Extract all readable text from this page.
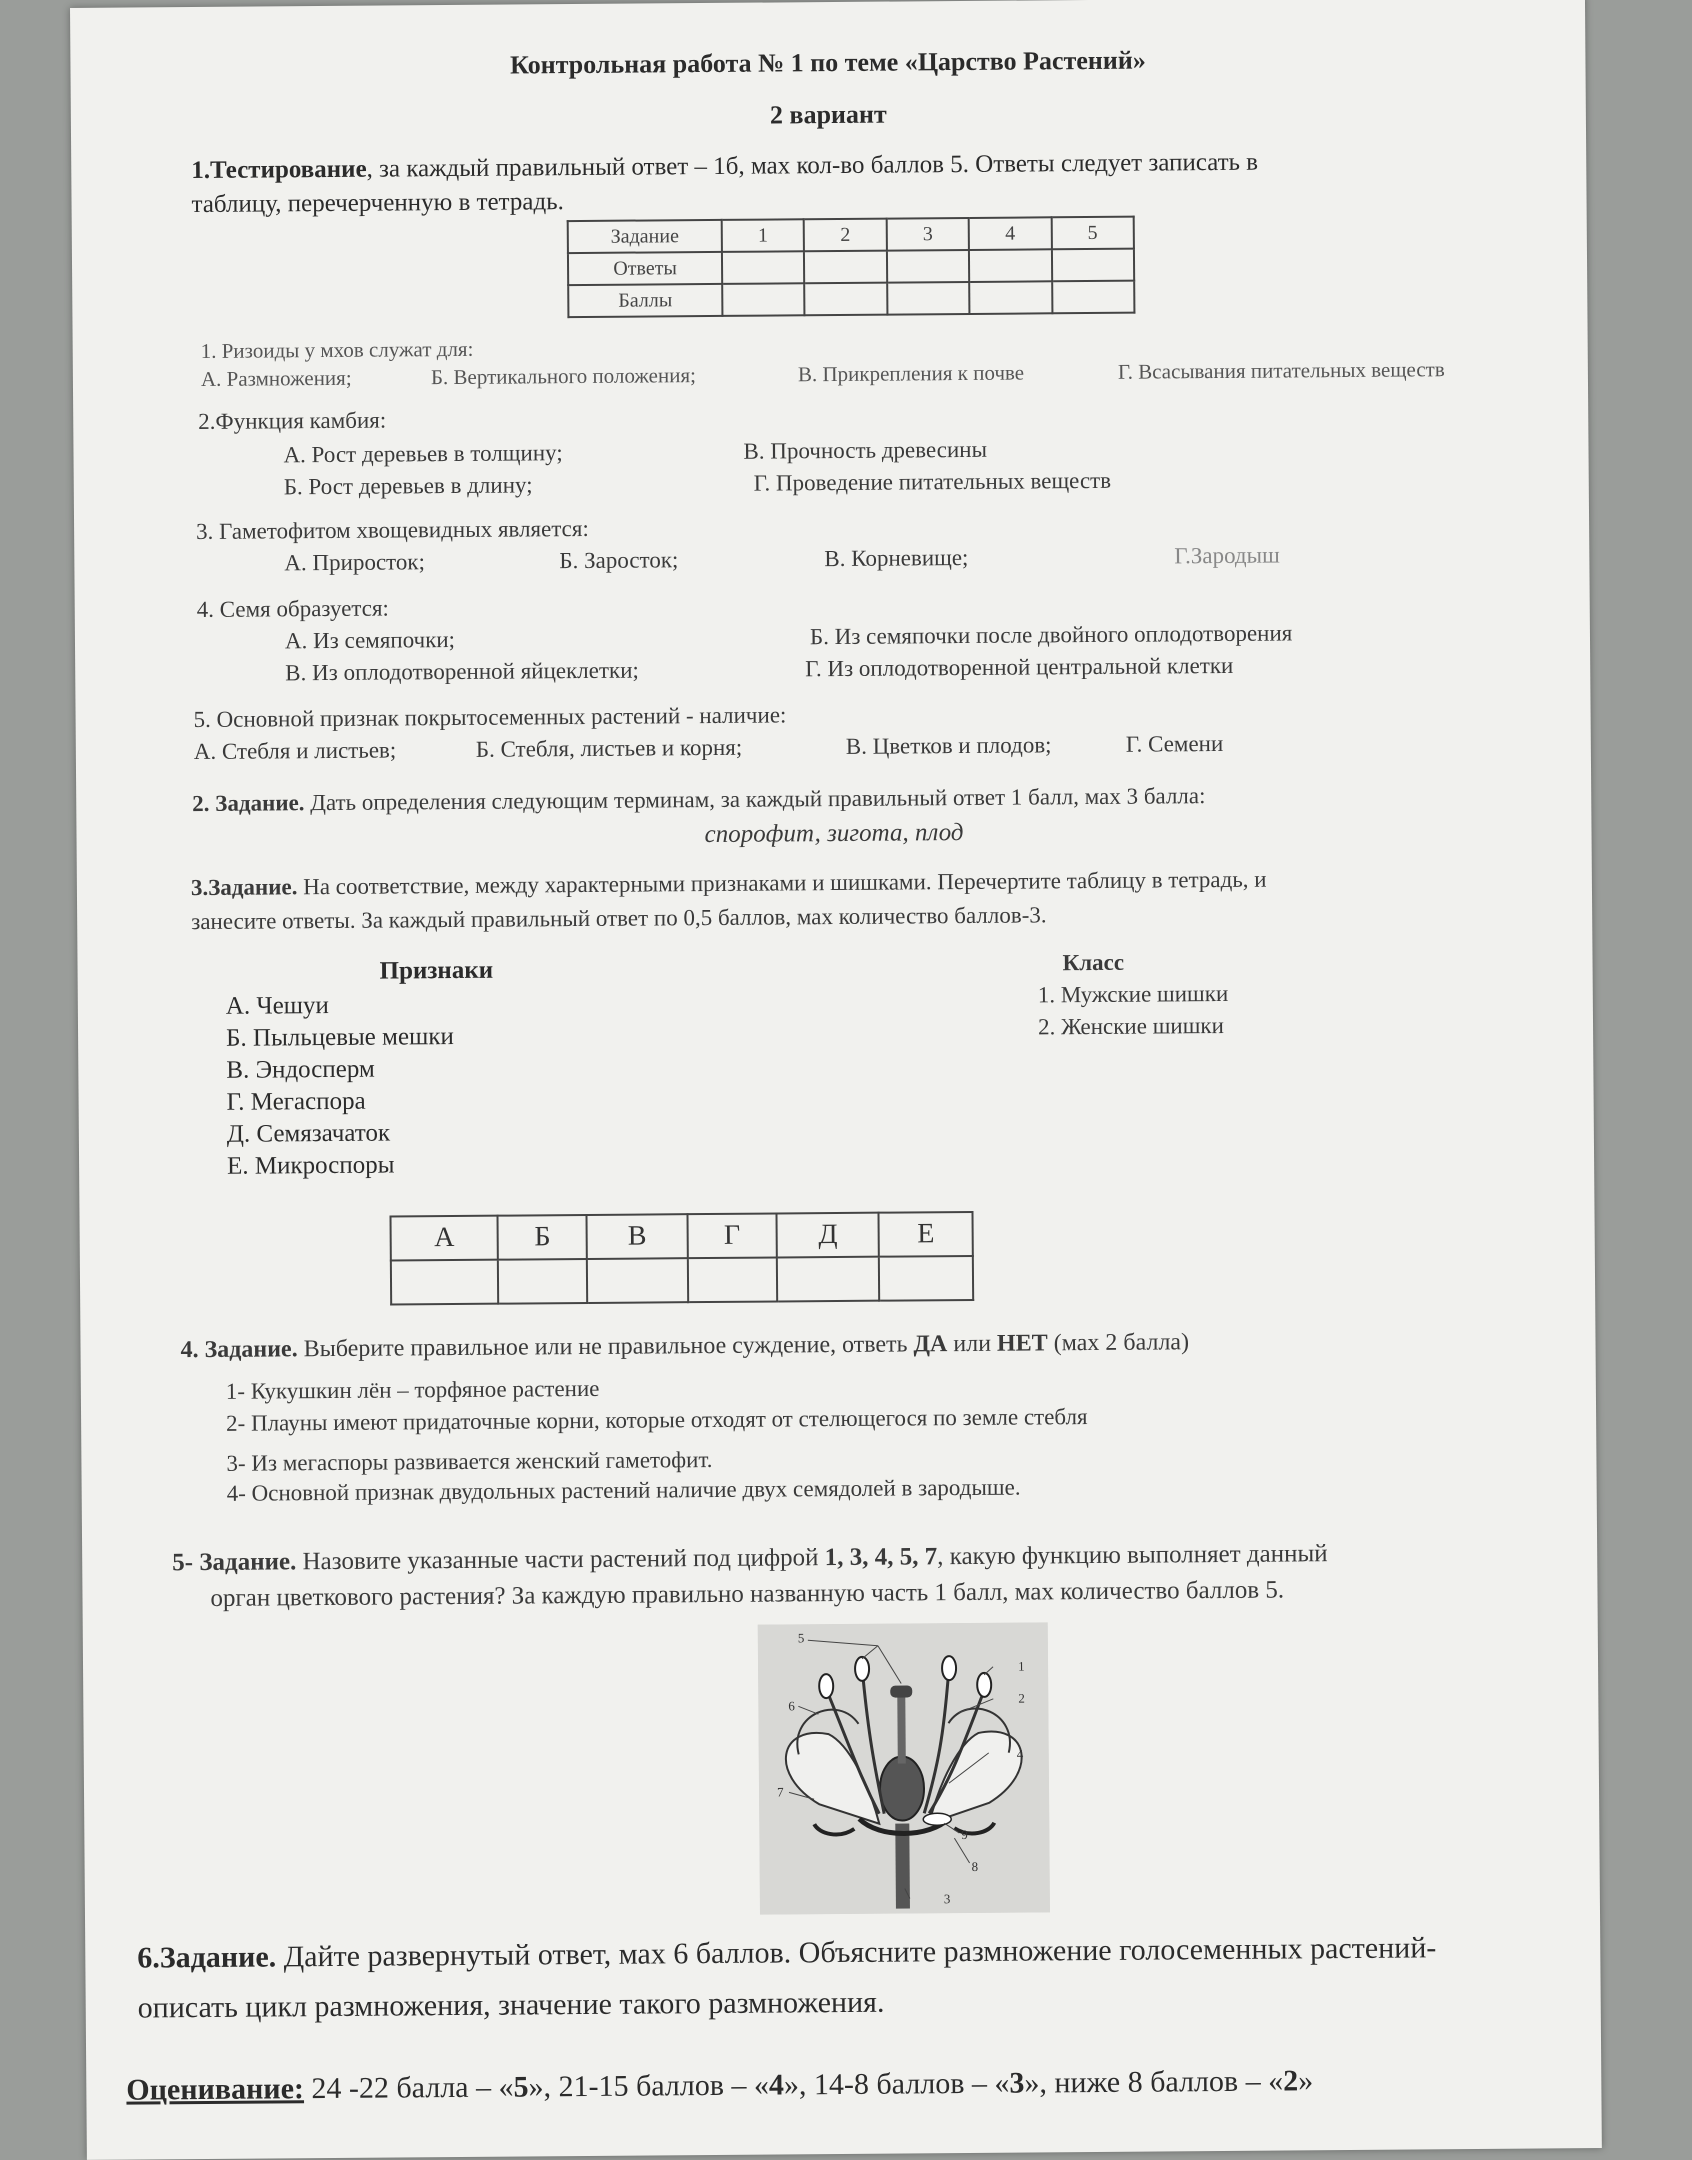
Контрольная работа № 1 по теме «Царство Растений»
2 вариант
1.Тестирование, за каждый правильный ответ – 1б, мах кол-во баллов 5. Ответы следует записать в
таблицу, перечерченную в тетрадь.
Задание	1	2	3	4	5
Ответы					
Баллы					
1. Ризоиды у мхов служат для:
А. Размножения;	Б. Вертикального положения;	В. Прикрепления к почве	Г. Всасывания питательных веществ
2.Функция камбия:
А. Рост деревьев в толщину;	В. Прочность древесины
Б. Рост деревьев в длину;	Г. Проведение питательных веществ
3. Гаметофитом хвощевидных является:
А. Прироcток;	Б. Заросток;	В. Корневище;	Г.Зародыш
4. Семя образуется:
А. Из семяпочки;	Б. Из семяпочки после двойного оплодотворения
В. Из оплодотворенной яйцеклетки;	Г. Из оплодотворенной центральной клетки
5. Основной признак покрытосеменных растений - наличие:
А. Стебля и листьев;	Б. Стебля, листьев и корня;	В. Цветков и плодов;	Г. Семени
2. Задание. Дать определения следующим терминам, за каждый правильный ответ 1 балл, мах 3 балла:
спорофит, зигота, плод
3.Задание. На соответствие, между характерными признаками и шишками. Перечертите таблицу в тетрадь, и
занесите ответы. За каждый правильный ответ по 0,5 баллов, мах количество баллов-3.
Признаки	Класс
А. Чешуи
Б. Пыльцевые мешки
В. Эндосперм
Г. Мегаспора
Д. Семязачаток
Е. Микроспоры
1. Мужские шишки
2. Женские шишки
А	Б	В	Г	Д	Е

4. Задание. Выберите правильное или не правильное суждение, ответь ДА или НЕТ (мах 2 балла)
1- Кукушкин лён – торфяное растение
2- Плауны имеют придаточные корни, которые отходят от стелющегося по земле стебля
3- Из мегаспоры развивается женский гаметофит.
4- Основной признак двудольных растений наличие двух семядолей в зародыше.
5- Задание. Назовите указанные части растений под цифрой 1, 3, 4, 5, 7, какую функцию выполняет данный
орган цветкового растения? За каждую правильно названную часть 1 балл, мах количество баллов 5.
5
1
2
6
4
7
9
8
3
6.Задание. Дайте развернутый ответ, мах 6 баллов. Объясните размножение голосеменных растений-
описать цикл размножения, значение такого размножения.
Оценивание: 24 -22 балла – «5», 21-15 баллов – «4», 14-8 баллов – «3», ниже 8 баллов – «2»
